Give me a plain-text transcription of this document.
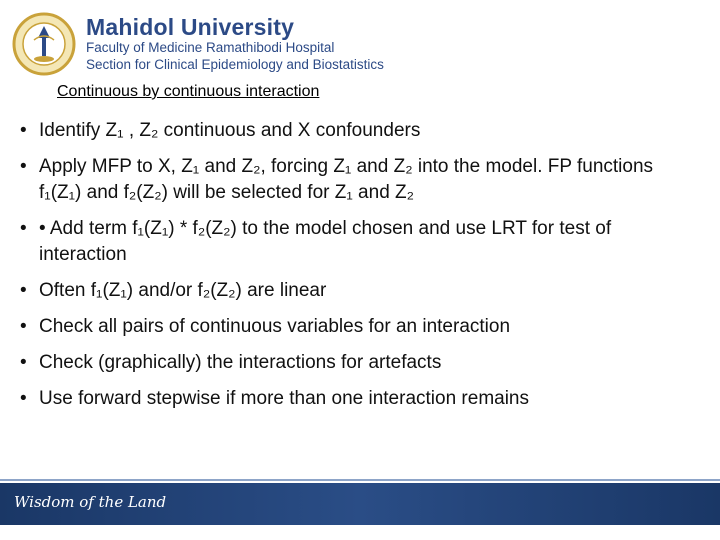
Mahidol University
Faculty of Medicine Ramathibodi Hospital
Section for Clinical Epidemiology and Biostatistics
Continuous by continuous interaction
• Identify Z₁ , Z₂ continuous and X confounders
• Apply MFP to X, Z₁ and Z₂, forcing Z₁ and Z₂ into the model. FP functions f₁(Z₁) and f₂(Z₂) will be selected for Z₁ and Z₂
• • Add term f₁(Z₁) * f₂(Z₂) to the model chosen and use LRT for test of interaction
• Often f₁(Z₁) and/or f₂(Z₂) are linear
• Check all pairs of continuous variables for an interaction
• Check (graphically) the interactions for artefacts
• Use forward stepwise if more than one interaction remains
Wisdom of the Land
